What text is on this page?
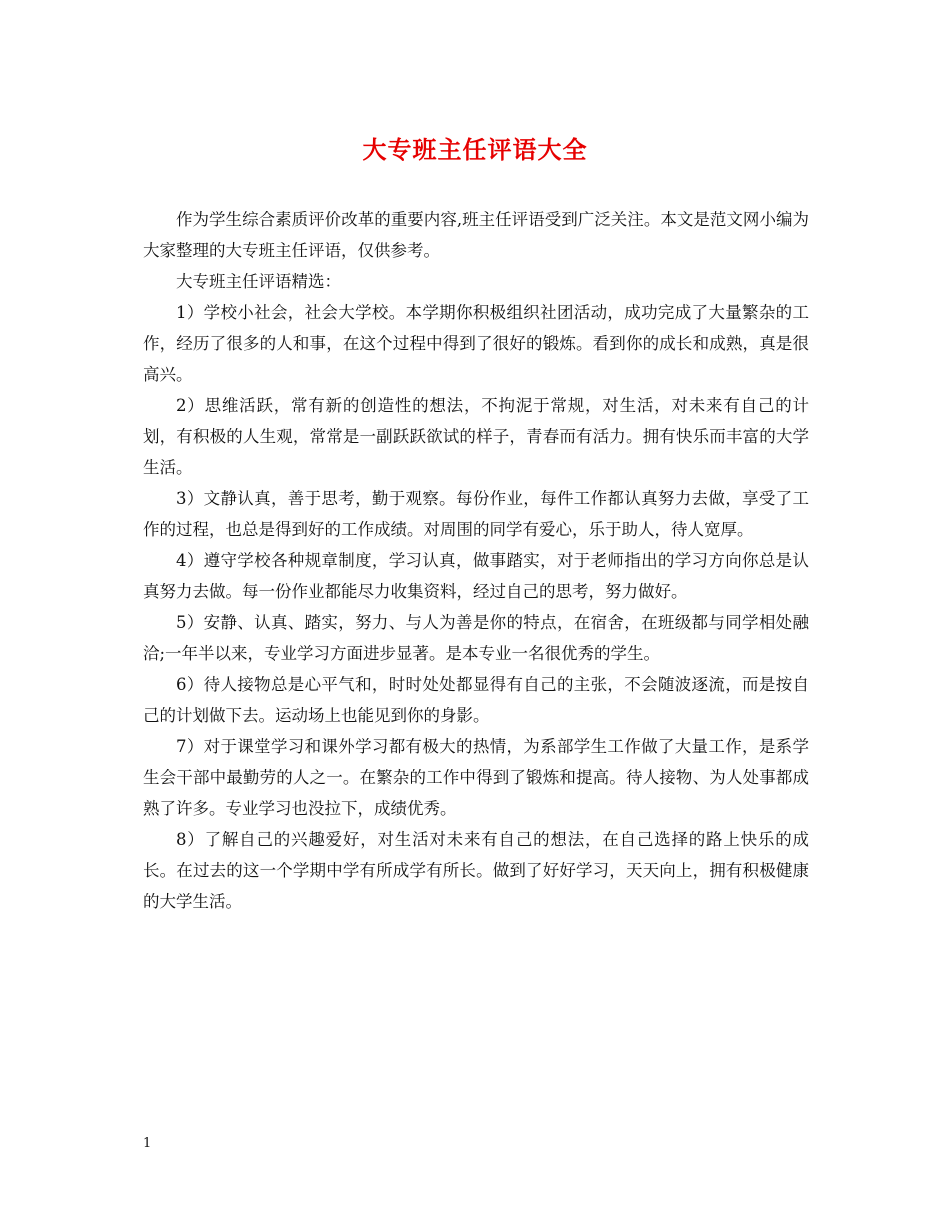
大专班主任评语大全

作为学生综合素质评价改革的重要内容,班主任评语受到广泛关注。本文是范文网小编为大家整理的大专班主任评语，仅供参考。

大专班主任评语精选：

1）学校小社会，社会大学校。本学期你积极组织社团活动，成功完成了大量繁杂的工作，经历了很多的人和事，在这个过程中得到了很好的锻炼。看到你的成长和成熟，真是很高兴。

2）思维活跃，常有新的创造性的想法，不拘泥于常规，对生活，对未来有自己的计划，有积极的人生观，常常是一副跃跃欲试的样子，青春而有活力。拥有快乐而丰富的大学生活。

3）文静认真，善于思考，勤于观察。每份作业，每件工作都认真努力去做，享受了工作的过程，也总是得到好的工作成绩。对周围的同学有爱心，乐于助人，待人宽厚。

4）遵守学校各种规章制度，学习认真，做事踏实，对于老师指出的学习方向你总是认真努力去做。每一份作业都能尽力收集资料，经过自己的思考，努力做好。

5）安静、认真、踏实，努力、与人为善是你的特点，在宿舍，在班级都与同学相处融洽;一年半以来，专业学习方面进步显著。是本专业一名很优秀的学生。

6）待人接物总是心平气和，时时处处都显得有自己的主张，不会随波逐流，而是按自己的计划做下去。运动场上也能见到你的身影。

7）对于课堂学习和课外学习都有极大的热情，为系部学生工作做了大量工作，是系学生会干部中最勤劳的人之一。在繁杂的工作中得到了锻炼和提高。待人接物、为人处事都成熟了许多。专业学习也没拉下，成绩优秀。

8）了解自己的兴趣爱好，对生活对未来有自己的想法，在自己选择的路上快乐的成长。在过去的这一个学期中学有所成学有所长。做到了好好学习，天天向上，拥有积极健康的大学生活。

1
